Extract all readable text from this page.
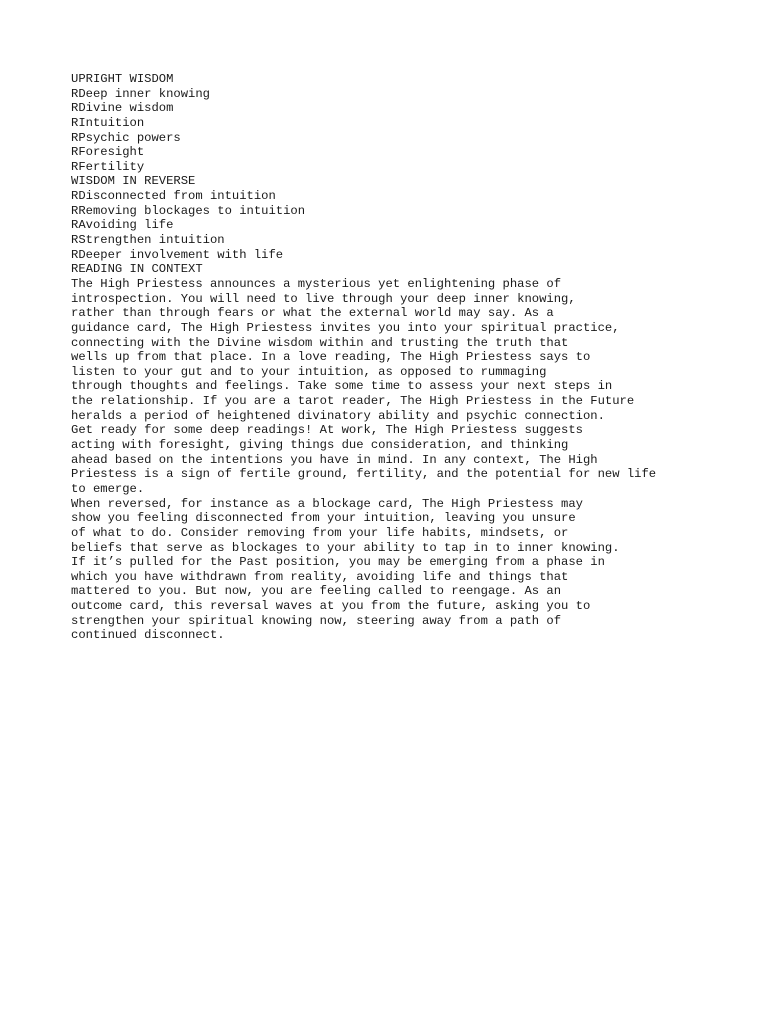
UPRIGHT WISDOM
RDeep inner knowing
RDivine wisdom
RIntuition
RPsychic powers
RForesight
RFertility
WISDOM IN REVERSE
RDisconnected from intuition
RRemoving blockages to intuition
RAvoiding life
RStrengthen intuition
RDeeper involvement with life
READING IN CONTEXT
The High Priestess announces a mysterious yet enlightening phase of
introspection. You will need to live through your deep inner knowing,
rather than through fears or what the external world may say. As a
guidance card, The High Priestess invites you into your spiritual practice,
connecting with the Divine wisdom within and trusting the truth that
wells up from that place. In a love reading, The High Priestess says to
listen to your gut and to your intuition, as opposed to rummaging
through thoughts and feelings. Take some time to assess your next steps in
the relationship. If you are a tarot reader, The High Priestess in the Future
heralds a period of heightened divinatory ability and psychic connection.
Get ready for some deep readings! At work, The High Priestess suggests
acting with foresight, giving things due consideration, and thinking
ahead based on the intentions you have in mind. In any context, The High
Priestess is a sign of fertile ground, fertility, and the potential for new life
to emerge.
When reversed, for instance as a blockage card, The High Priestess may
show you feeling disconnected from your intuition, leaving you unsure
of what to do. Consider removing from your life habits, mindsets, or
beliefs that serve as blockages to your ability to tap in to inner knowing.
If it’s pulled for the Past position, you may be emerging from a phase in
which you have withdrawn from reality, avoiding life and things that
mattered to you. But now, you are feeling called to reengage. As an
outcome card, this reversal waves at you from the future, asking you to
strengthen your spiritual knowing now, steering away from a path of
continued disconnect.
